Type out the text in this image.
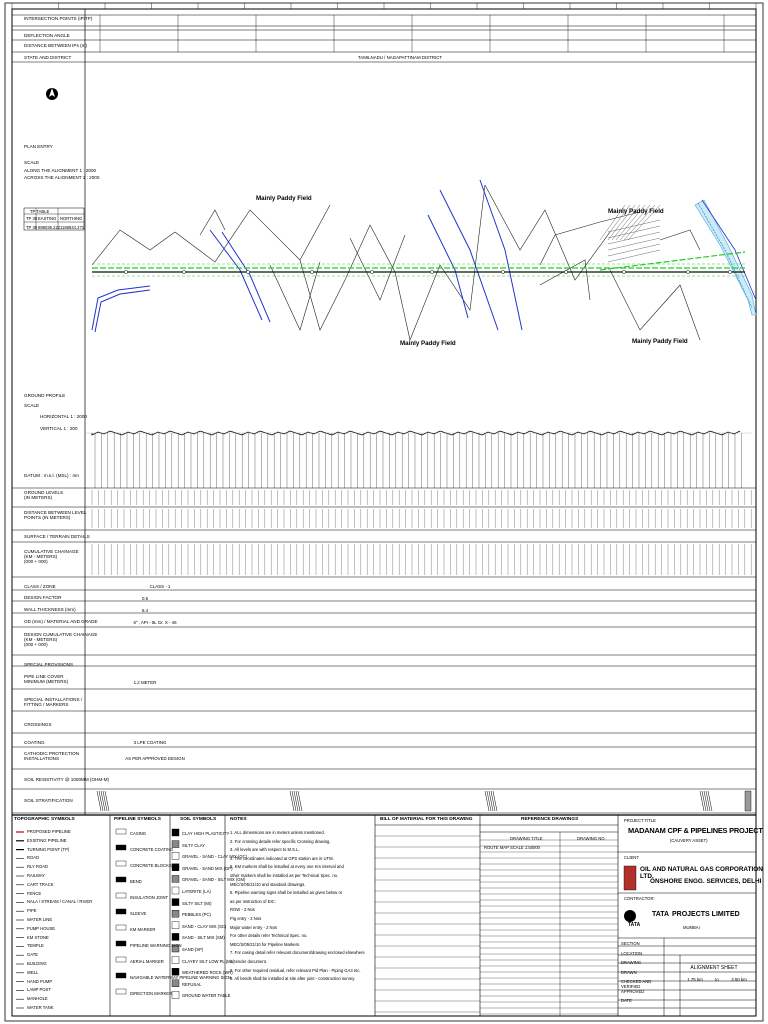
INTERSECTION POINTS (IP/TP)
DEFLECTION ANGLE
DISTANCE BETWEEN IPs (m)
STATE AND DISTRICT	TAMILNADU / NAGAPATTINAM DISTRICT
PLAN ENTRY
SCALE
ALONG THE ALIGNMENT 1 : 2000
ACROSS THE ALIGNMENT 1 : 2000
GROUND PROFILE
SCALE
HORIZONTAL 1 : 2000
VERTICAL 1 : 200
DATUM : m.s.l. (MSL) : 4m
GROUND LEVELS
(IN METERS)
DISTANCE BETWEEN LEVEL
POINTS (IN METERS)
SURFACE / TERRAIN DETAILS
CUMULATIVE CHAINAGE
(KM - METERS)
(000 + 000)
CLASS / ZONE	CLASS - 1
DESIGN FACTOR	0.5
WALL THICKNESS (mm)	8.4
OD (mm) / MATERIAL AND GRADE	6" , API - 5L Gr. X - 46
DESIGN CUMULATIVE CHAINAGE
(KM - METERS)
(000 + 000)
SPECIAL PROVISIONS
PIPE LINE COVER
MINIMUM (METERS)	1.2 METER
SPECIAL INSTALLATIONS /
FITTING / MARKERS
CROSSINGS
COATING	3 LPE COATING
CATHODIC PROTECTION
INSTALLATIONS	AS PER APPROVED DESIGN
SOIL RESISTIVITY @ 1000MM (OHM-M)
SOIL STRATIFICATION
Mainly Paddy Field
Mainly Paddy Field
Mainly Paddy Field	Mainly Paddy Field
TP TABLE
TP 38 EASTING NORTHING
TP 39 688036.222 1188844.271
TOPOGRAPHIC SYMBOLS	PIPELINE SYMBOLS	SOIL SYMBOLS	NOTES
PROPOSED PIPELINE
EXISTING PIPELINE
TURNING POINT (TP)
ROAD
RLY ROAD
RAILWAY
CART TRACK
FENCE
NALA / STREAM / CANAL / RIVER
PIPE
WATER LINE
PUMP HOUSE
KM STONE
TEMPLE
GATE
BUILDING
WELL
HAND PUMP
LAMP POST
MANHOLE
WATER TANK
CASING
CONCRETE COATING
CONCRETE BLOCKS
BEND
INSULATION JOINT
SLEEVE
KM MARKER
PIPELINE WARNING SIGN
AERIAL MARKER
NAVIGABLE WATERWAY PIPELINE WARNING SIGN
DIRECTION MARKER
CLAY HIGH PLASTICITY
SILTY CLAY
GRAVEL - SAND - CLAY MIX (GC)
GRAVEL - SAND MIX (GP)
GRAVEL - SAND - SILT MIX (GM)
LATERITE (LA)
SILTY SILT (MI)
PEBBLES (PC)
SAND - CLAY MIX (SC)
SAND - SILT MIX (SM)
SAND (SP)
CLAYEY SILT LOW PL (ML)
WEATHERED ROCK (WR)
REFUSAL
GROUND WATER TABLE
1. ALL dimensions are in meters unless mentioned.
2. For crossing details refer specific Crossing drawing.
3. All levels are with respect to M.S.L.
4. The coordinates indicated at GPS station are in UTM.
5. KM markers shall be installed at every one Km interval and
other markers shall be installed as per Technical Spec. no.
MEC/S/05/21/10 and standard drawings.
6. Pipeline warning signs shall be installed as given below or
as per instruction of EIC:
ROW - 2 Nos
Pig entry - 2 Nos
Major water entry - 2 Nos
For other details refer Technical Spec. no.
MEC/S/05/21/10 for Pipeline Markers.
7. For casing detail refer relevant document/drawing enclosed elsewhere
in tender document.
8. For other required residual, refer relevant Pid Plan - Piping GA3 etc.
9. All bends shall be installed at site after joint - construction survey.
BILL OF MATERIAL FOR THIS DRAWING	REFERENCE DRAWINGS
DRAWING TITLE	DRAWING NO.
ROUTE MAP SCALE 1:50000
PROJECT TITLE
MADANAM CPF & PIPELINES PROJECT
(CAUVERY ASSET)
CLIENT
OIL AND NATURAL GAS CORPORATION LTD.
ONSHORE ENGG. SERVICES, DELHI
CONTRACTOR:
TATA PROJECTS LIMITED
MUMBAI
TATA
ALIGNMENT SHEET
1.75 km	to	3.50 km
SECTION
LOCATION
DRAWING
DRAWN
CHECKED AND VERIFIED
APPROVED
DATE
